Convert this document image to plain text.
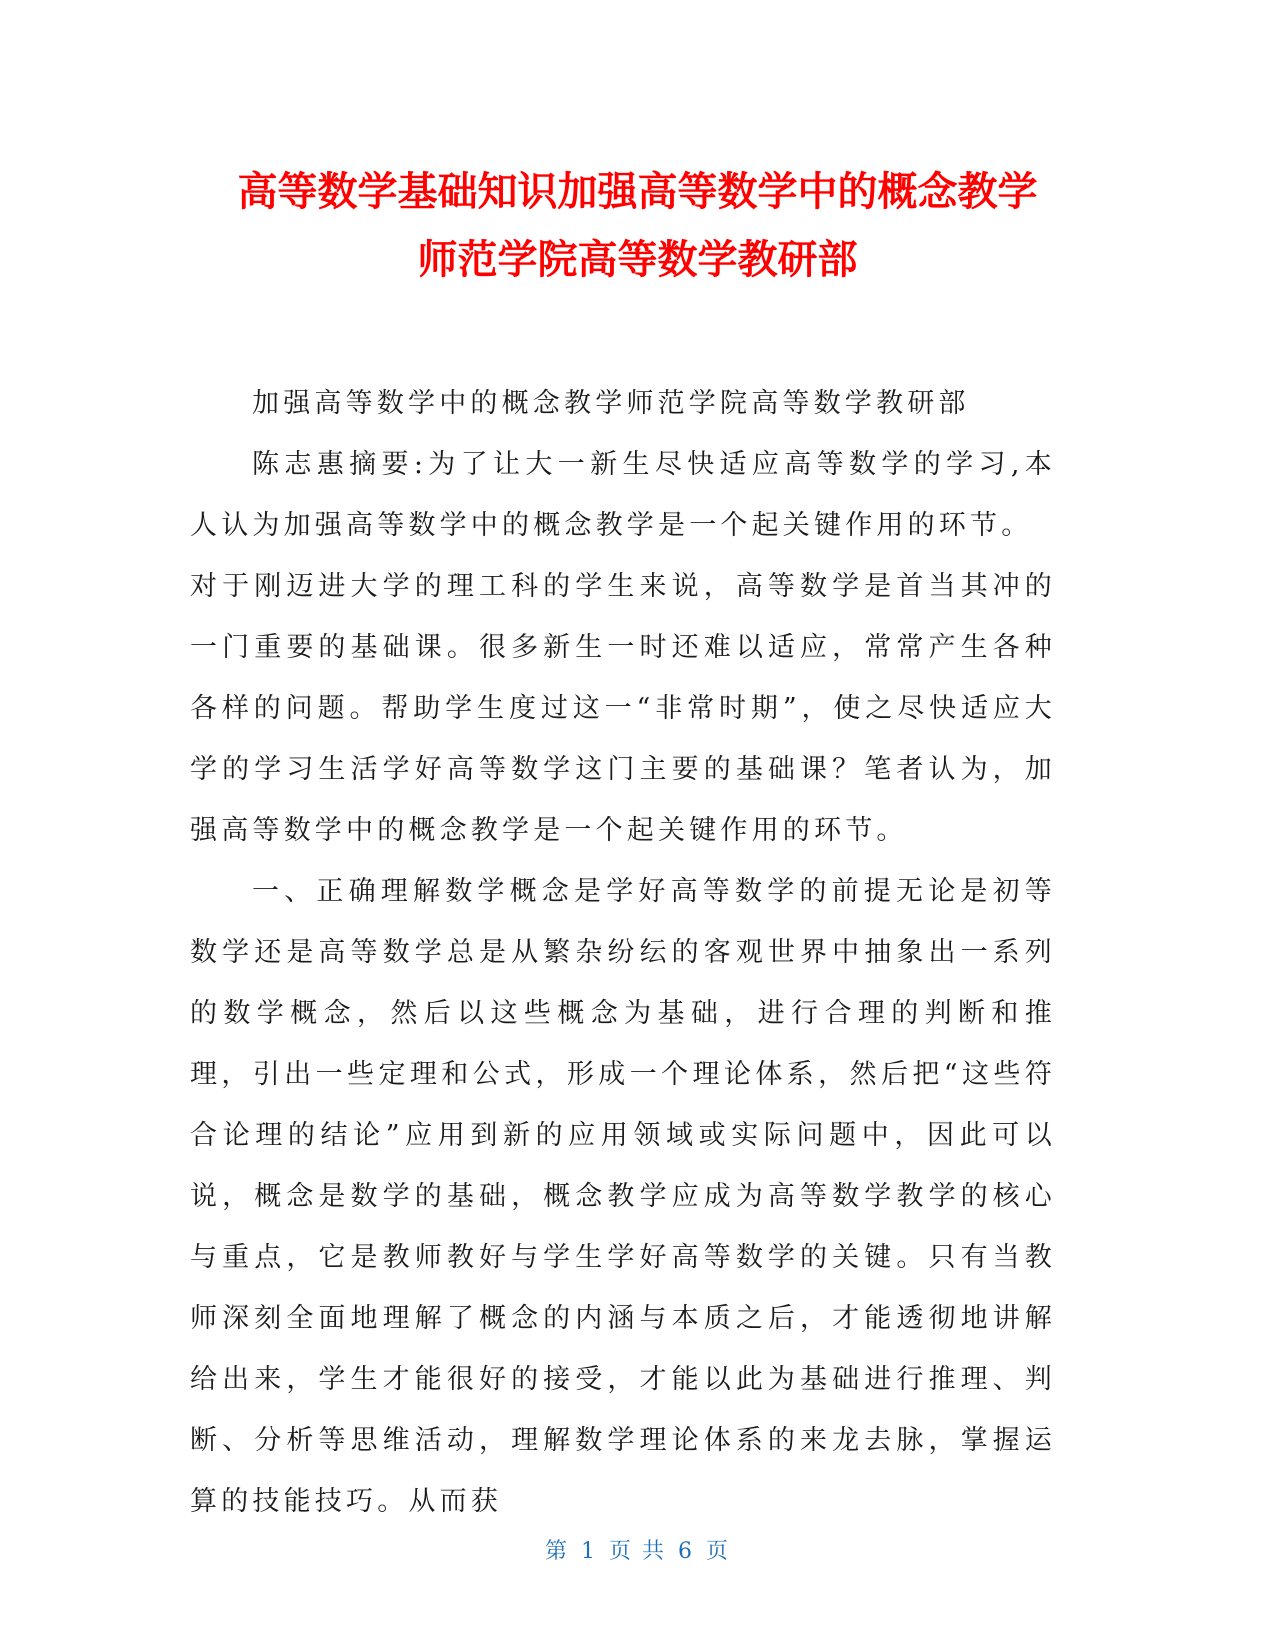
高等数学基础知识加强高等数学中的概念教学
师范学院高等数学教研部

加强高等数学中的概念教学师范学院高等数学教研部

陈志惠摘要:为了让大一新生尽快适应高等数学的学习,本人认为加强高等数学中的概念教学是一个起关键作用的环节。

对于刚迈进大学的理工科的学生来说，高等数学是首当其冲的一门重要的基础课。很多新生一时还难以适应，常常产生各种各样的问题。帮助学生度过这一“非常时期”，使之尽快适应大学的学习生活学好高等数学这门主要的基础课？笔者认为，加强高等数学中的概念教学是一个起关键作用的环节。

一、正确理解数学概念是学好高等数学的前提无论是初等数学还是高等数学总是从繁杂纷纭的客观世界中抽象出一系列的数学概念，然后以这些概念为基础，进行合理的判断和推理，引出一些定理和公式，形成一个理论体系，然后把“这些符合论理的结论”应用到新的应用领域或实际问题中，因此可以说，概念是数学的基础，概念教学应成为高等数学教学的核心与重点，它是教师教好与学生学好高等数学的关键。只有当教师深刻全面地理解了概念的内涵与本质之后，才能透彻地讲解给出来，学生才能很好的接受，才能以此为基础进行推理、判断、分析等思维活动，理解数学理论体系的来龙去脉，掌握运算的技能技巧。从而获

第 1 页 共 6 页
